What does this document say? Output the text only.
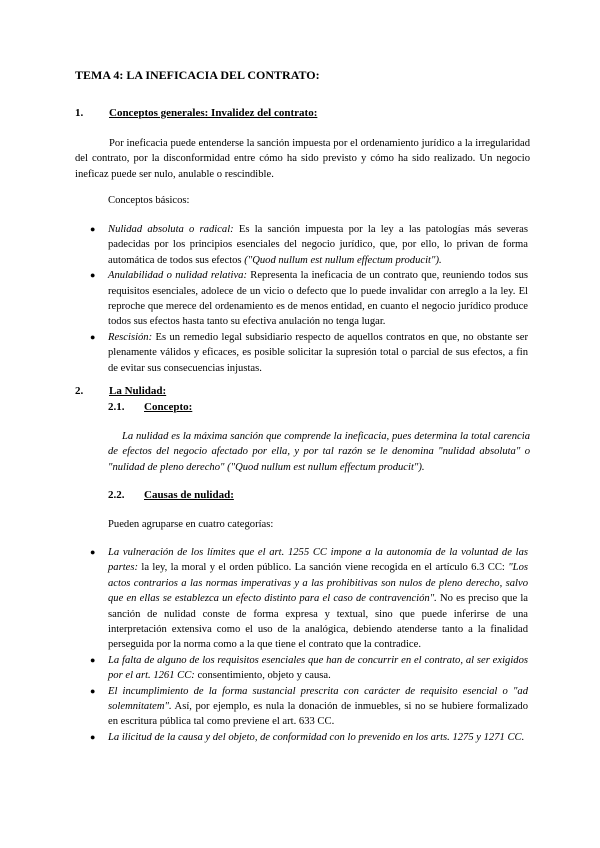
TEMA 4: LA INEFICACIA DEL CONTRATO:
1. Conceptos generales: Invalidez del contrato:
Por ineficacia puede entenderse la sanción impuesta por el ordenamiento jurídico a la irregularidad del contrato, por la disconformidad entre cómo ha sido previsto y cómo ha sido realizado. Un negocio ineficaz puede ser nulo, anulable o rescindible.
Conceptos básicos:
● Nulidad absoluta o radical: Es la sanción impuesta por la ley a las patologías más severas padecidas por los principios esenciales del negocio jurídico, que, por ello, lo privan de forma automática de todos sus efectos ("Quod nullum est nullum effectum producit").
● Anulabilidad o nulidad relativa: Representa la ineficacia de un contrato que, reuniendo todos sus requisitos esenciales, adolece de un vicio o defecto que lo puede invalidar con arreglo a la ley. El reproche que merece del ordenamiento es de menos entidad, en cuanto el negocio jurídico produce todos sus efectos hasta tanto su efectiva anulación no tenga lugar.
● Rescisión: Es un remedio legal subsidiario respecto de aquellos contratos en que, no obstante ser plenamente válidos y eficaces, es posible solicitar la supresión total o parcial de sus efectos, a fin de evitar sus consecuencias injustas.
2. La Nulidad:
2.1. Concepto:
La nulidad es la máxima sanción que comprende la ineficacia, pues determina la total carencia de efectos del negocio afectado por ella, y por tal razón se le denomina "nulidad absoluta" o "nulidad de pleno derecho" ("Quod nullum est nullum effectum producit").
2.2. Causas de nulidad:
Pueden agruparse en cuatro categorías:
● La vulneración de los límites que el art. 1255 CC impone a la autonomía de la voluntad de las partes: la ley, la moral y el orden público. La sanción viene recogida en el artículo 6.3 CC: "Los actos contrarios a las normas imperativas y a las prohibitivas son nulos de pleno derecho, salvo que en ellas se establezca un efecto distinto para el caso de contravención". No es preciso que la sanción de nulidad conste de forma expresa y textual, sino que puede inferirse de una interpretación extensiva como el uso de la analógica, debiendo atenderse tanto a la finalidad perseguida por la norma como a la que tiene el contrato que la contradice.
● La falta de alguno de los requisitos esenciales que han de concurrir en el contrato, al ser exigidos por el art. 1261 CC: consentimiento, objeto y causa.
● El incumplimiento de la forma sustancial prescrita con carácter de requisito esencial o "ad solemnitatem". Así, por ejemplo, es nula la donación de inmuebles, si no se hubiere formalizado en escritura pública tal como previene el art. 633 CC.
● La ilicitud de la causa y del objeto, de conformidad con lo prevenido en los arts. 1275 y 1271 CC.
